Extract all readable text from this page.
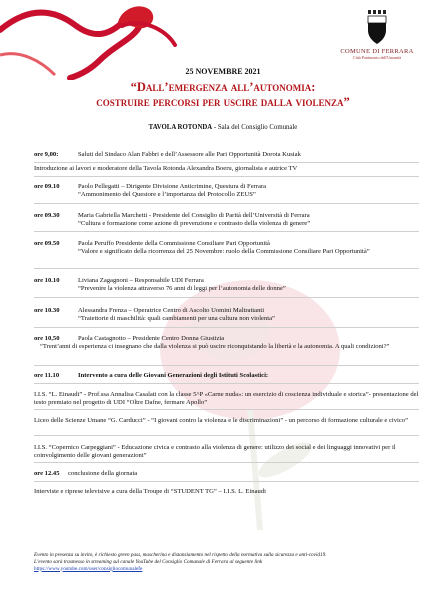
COMUNE DI FERRARA
Città Patrimonio dell'Umanità
25 NOVEMBRE 2021
“Dall’emergenza all’autonomia:
costruire percorsi per uscire dalla violenza”
TAVOLA ROTONDA - Sala del Consiglio Comunale
ore 9,00:	Saluti del Sindaco Alan Fabbri e dell’Assessore alle Pari Opportunità Dorota Kusiak
Introduzione ai lavori e moderatore della Tavola Rotonda Alexandra Boeru, giornalista e autrice TV
ore 09.10	Paolo Pellegatti – Dirigente Divisione Anticrimine, Questura di Ferrara
“Ammonimento del Questore e l’importanza del Protocollo ZEUS”
ore 09.30	Maria Gabriella Marchetti - Presidente del Consiglio di Parità dell’Università di Ferrara
“Cultura e formazione come azione di prevenzione e contrasto della violenza di genere”
ore 09.50	Paola Peruffo Presidente della Commissione Consiliare Pari Opportunità
“Valore e significato della ricorrenza del 25 Novembre: ruolo della Commissione Consiliare Pari Opportunità”
ore 10.10	Liviana Zagagnoni – Responsabile UDI Ferrara
“Prevenire la violenza attraverso 76 anni di leggi per l’autonomia delle donne”
ore 10.30	Alessandra Frenza – Operatrice Centro di Ascolto Uomini Maltrattanti
“Traiettorie di maschilità: quali cambiamenti per una cultura non violenta”
ore 10,50	Paola Castagnotto – Presidente Centro Donna Giustizia
“Trent’anni di esperienza ci insegnano che dalla violenza si può uscire riconquistando la libertà e la autonomia. A quali condizioni?”
ore 11.10	Intervento a cura delle Giovani Generazioni degli Istituti Scolastici:
I.I.S. “L. Einaudi” - Prof.ssa Annalisa Casalati con la classe 5^P «Carne nuda»: un esercizio di coscienza individuale e storica”- presentazione del testo premiato nel progetto di UDI “Oltre Dafne, fermare Apollo”
Liceo delle Scienze Umane “G. Carducci” - “I giovani contro la violenza e le discriminazioni” - un percorso di formazione culturale e civico”
I.I.S. “Copernico Carpeggiani” - Educazione civica e contrasto alla violenza di genere: utilizzo dei social e dei linguaggi innovativi per il coinvolgimento delle giovani generazioni”
ore 12.45 conclusione della giornata
Interviste e riprese televisive a cura della Troupe di “STUDENT TG” – I.I.S. L. Einaudi
Evento in presenza su invito, è richiesto green pass, mascherina e distanziamento nel rispetto della normativa sulla sicurezza e anti-covid19.
L’evento sarà trasmesso in streaming sul canale YouTube del Consiglio Comunale di Ferrara al seguente link
https://www.youtube.com/user/consigliocomunalefe
